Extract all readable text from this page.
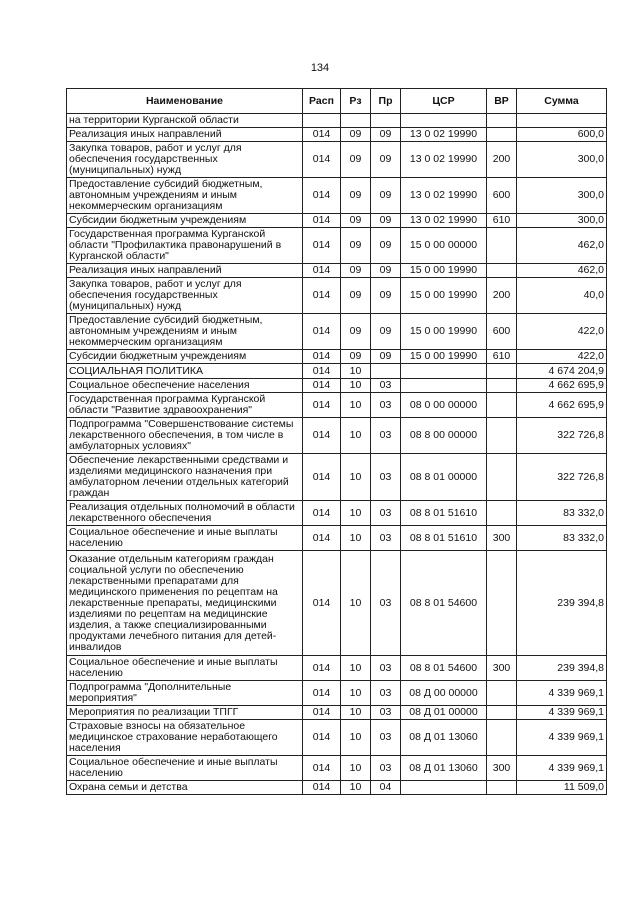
134
Наименование	Расп	Рз	Пр	ЦСР	ВР	Сумма
на территории Курганской области						
Реализация иных направлений	014	09	09	13 0 02 19990		600,0
Закупка товаров, работ и услуг для обеспечения государственных (муниципальных) нужд	014	09	09	13 0 02 19990	200	300,0
Предоставление субсидий бюджетным, автономным учреждениям и иным некоммерческим организациям	014	09	09	13 0 02 19990	600	300,0
Субсидии бюджетным учреждениям	014	09	09	13 0 02 19990	610	300,0
Государственная программа Курганской области "Профилактика правонарушений в Курганской области"	014	09	09	15 0 00 00000		462,0
Реализация иных направлений	014	09	09	15 0 00 19990		462,0
Закупка товаров, работ и услуг для обеспечения государственных (муниципальных) нужд	014	09	09	15 0 00 19990	200	40,0
Предоставление субсидий бюджетным, автономным учреждениям и иным некоммерческим организациям	014	09	09	15 0 00 19990	600	422,0
Субсидии бюджетным учреждениям	014	09	09	15 0 00 19990	610	422,0
СОЦИАЛЬНАЯ ПОЛИТИКА	014	10				4 674 204,9
Социальное обеспечение населения	014	10	03			4 662 695,9
Государственная программа Курганской области "Развитие здравоохранения"	014	10	03	08 0 00 00000		4 662 695,9
Подпрограмма "Совершенствование системы лекарственного обеспечения, в том числе в амбулаторных условиях"	014	10	03	08 8 00 00000		322 726,8
Обеспечение лекарственными средствами и изделиями медицинского назначения при амбулаторном лечении отдельных категорий граждан	014	10	03	08 8 01 00000		322 726,8
Реализация отдельных полномочий в области лекарственного обеспечения	014	10	03	08 8 01 51610		83 332,0
Социальное обеспечение и иные выплаты населению	014	10	03	08 8 01 51610	300	83 332,0
Оказание отдельным категориям граждан социальной услуги по обеспечению лекарственными препаратами для медицинского применения по рецептам на лекарственные препараты, медицинскими изделиями по рецептам на медицинские изделия, а также специализированными продуктами лечебного питания для детей-инвалидов	014	10	03	08 8 01 54600		239 394,8
Социальное обеспечение и иные выплаты населению	014	10	03	08 8 01 54600	300	239 394,8
Подпрограмма "Дополнительные мероприятия"	014	10	03	08 Д 00 00000		4 339 969,1
Мероприятия по реализации ТПГГ	014	10	03	08 Д 01 00000		4 339 969,1
Страховые взносы на обязательное медицинское страхование неработающего населения	014	10	03	08 Д 01 13060		4 339 969,1
Социальное обеспечение и иные выплаты населению	014	10	03	08 Д 01 13060	300	4 339 969,1
Охрана семьи и детства	014	10	04			11 509,0
